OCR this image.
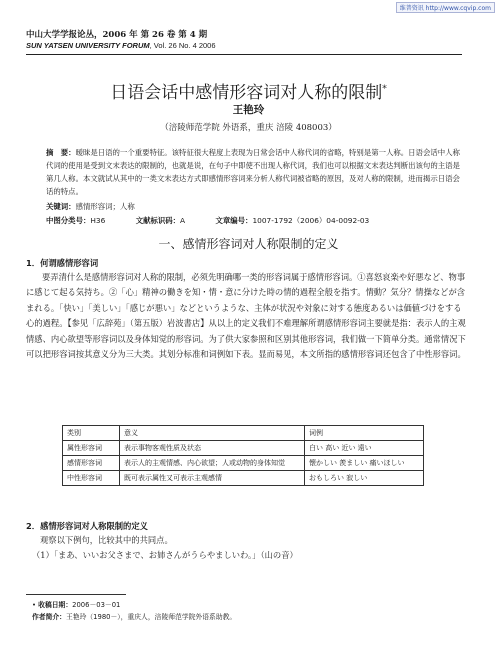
维普资讯 http://www.cqvip.com
中山大学学报论丛，2006 年 第 26 卷 第 4 期
SUN YATSEN UNIVERSITY FORUM, Vol. 26 No. 4 2006
日语会话中感情形容词对人称的限制*
王艳玲
（涪陵师范学院 外语系，重庆 涪陵 408003）
摘　要：暧昧是日语的一个重要特征。该特征很大程度上表现为日常会话中人称代词的省略，特别是第一人称。日语会话中人称代词的使用是受到文末表达的限制的，也就是说，在句子中即使不出现人称代词，我们也可以根据文末表达判断出该句的主语是第几人称。本文就试从其中的一类文末表达方式即感情形容词来分析人称代词被省略的原因，及对人称的限制，进而揭示日语会话的特点。
关键词：感情形容词；人称
中图分类号：H36	文献标识码：A	文章编号：1007-1792（2006）04-0092-03
一、感情形容词对人称限制的定义
1．何谓感情形容词
要弄清什么是感情形容词对人称的限制，必须先明确哪一类的形容词属于感情形容词。①喜怒哀楽や好悪など、物事に感じて起る気持ち。②「心」精神の働きを知・情・意に分けた時の情的過程全般を指す。情動？気分？情操などが含まれる。「快い」「美しい」「感じが悪い」などというような、主体が状況や対象に対する態度あるいは価値づけをする心的過程。【参见「広辞苑」（第五版）岩波書店】从以上的定义我们不难理解所谓感情形容词主要就是指：表示人的主观情感、内心欲望等形容词以及身体知觉的形容词。为了供大家参照和区别其他形容词，我们做一下简单分类。通常情况下可以把形容词按其意义分为三大类。其划分标准和词例如下表。显而易见，本文所指的感情形容词还包含了中性形容词。
类别	意义	词例
属性形容词	表示事物客观性质及状态	白い 高い 近い 遠い
感情形容词	表示人的主观情感、内心欲望；人或动物的身体知觉	懐かしい 羨ましい 痛いほしい
中性形容词	既可表示属性又可表示主观感情	おもしろい 寂しい
2．感情形容词对人称限制的定义
观察以下例句，比较其中的共同点。
（1）「まあ、いいお父さまで、お姉さんがうらやましいわ。」（山の音）
• 收稿日期：2006－03－01
作者简介：王艳玲（1980－），重庆人，涪陵师范学院外语系助教。
